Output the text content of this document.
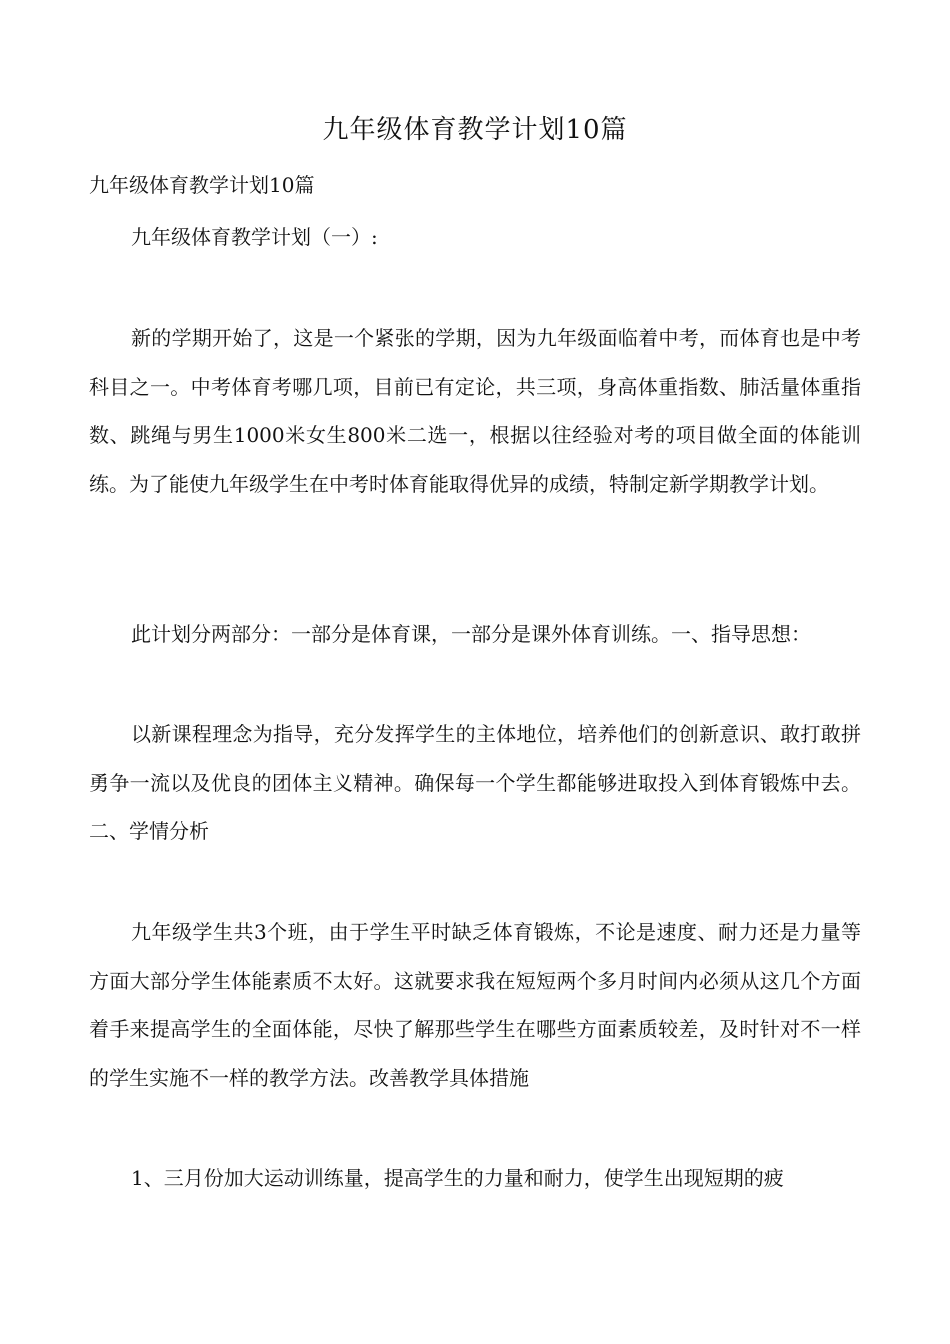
九年级体育教学计划10篇
九年级体育教学计划10篇
九年级体育教学计划（一）:

新的学期开始了，这是一个紧张的学期，因为九年级面临着中考，而体育也是中考科目之一。中考体育考哪几项，目前已有定论，共三项，身高体重指数、肺活量体重指数、跳绳与男生1000米女生800米二选一，根据以往经验对考的项目做全面的体能训练。为了能使九年级学生在中考时体育能取得优异的成绩，特制定新学期教学计划。

此计划分两部分：一部分是体育课，一部分是课外体育训练。一、指导思想：

以新课程理念为指导，充分发挥学生的主体地位，培养他们的创新意识、敢打敢拼勇争一流以及优良的团体主义精神。确保每一个学生都能够进取投入到体育锻炼中去。二、学情分析

九年级学生共3个班，由于学生平时缺乏体育锻炼，不论是速度、耐力还是力量等方面大部分学生体能素质不太好。这就要求我在短短两个多月时间内必须从这几个方面着手来提高学生的全面体能，尽快了解那些学生在哪些方面素质较差，及时针对不一样的学生实施不一样的教学方法。改善教学具体措施

1、三月份加大运动训练量，提高学生的力量和耐力，使学生出现短期的疲
